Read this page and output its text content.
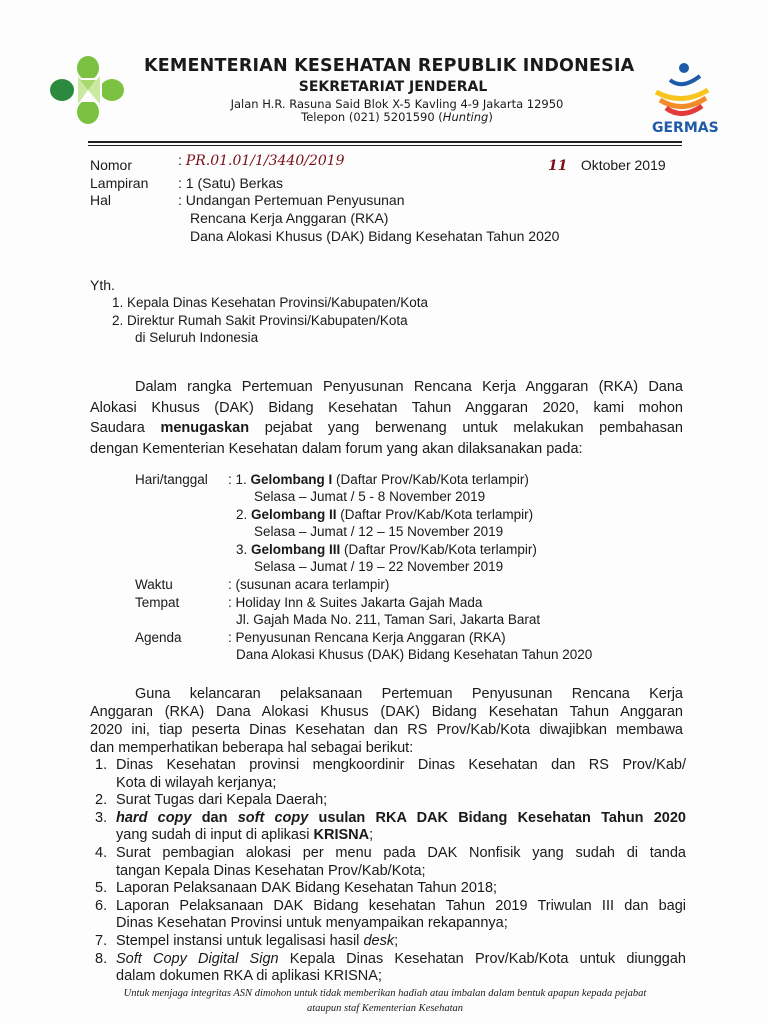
KEMENTERIAN KESEHATAN REPUBLIK INDONESIA
SEKRETARIAT JENDERAL
Jalan H.R. Rasuna Said Blok X-5 Kavling 4-9 Jakarta 12950
Telepon (021) 5201590 (Hunting)
GERMAS
Nomor	: PR.01.01/1/3440/2019	11 Oktober 2019
Lampiran : 1 (Satu) Berkas
Hal	: Undangan Pertemuan Penyusunan
Rencana Kerja Anggaran (RKA)
Dana Alokasi Khusus (DAK) Bidang Kesehatan Tahun 2020
Yth.
1. Kepala Dinas Kesehatan Provinsi/Kabupaten/Kota
2. Direktur Rumah Sakit Provinsi/Kabupaten/Kota
di Seluruh Indonesia
Dalam rangka Pertemuan Penyusunan Rencana Kerja Anggaran (RKA) Dana
Alokasi Khusus (DAK) Bidang Kesehatan Tahun Anggaran 2020, kami mohon
Saudara menugaskan pejabat yang berwenang untuk melakukan pembahasan
dengan Kementerian Kesehatan dalam forum yang akan dilaksanakan pada:
Hari/tanggal : 1. Gelombang I (Daftar Prov/Kab/Kota terlampir)
Selasa – Jumat / 5 - 8 November 2019
2. Gelombang II (Daftar Prov/Kab/Kota terlampir)
Selasa – Jumat / 12 – 15 November 2019
3. Gelombang III (Daftar Prov/Kab/Kota terlampir)
Selasa – Jumat / 19 – 22 November 2019
Waktu	: (susunan acara terlampir)
Tempat	: Holiday Inn & Suites Jakarta Gajah Mada
Jl. Gajah Mada No. 211, Taman Sari, Jakarta Barat
Agenda	: Penyusunan Rencana Kerja Anggaran (RKA)
Dana Alokasi Khusus (DAK) Bidang Kesehatan Tahun 2020
Guna kelancaran pelaksanaan Pertemuan Penyusunan Rencana Kerja
Anggaran (RKA) Dana Alokasi Khusus (DAK) Bidang Kesehatan Tahun Anggaran
2020 ini, tiap peserta Dinas Kesehatan dan RS Prov/Kab/Kota diwajibkan membawa
dan memperhatikan beberapa hal sebagai berikut:
1. Dinas Kesehatan provinsi mengkoordinir Dinas Kesehatan dan RS Prov/Kab/
Kota di wilayah kerjanya;
2. Surat Tugas dari Kepala Daerah;
3. hard copy dan soft copy usulan RKA DAK Bidang Kesehatan Tahun 2020
yang sudah di input di aplikasi KRISNA;
4. Surat pembagian alokasi per menu pada DAK Nonfisik yang sudah di tanda
tangan Kepala Dinas Kesehatan Prov/Kab/Kota;
5. Laporan Pelaksanaan DAK Bidang Kesehatan Tahun 2018;
6. Laporan Pelaksanaan DAK Bidang kesehatan Tahun 2019 Triwulan III dan bagi
Dinas Kesehatan Provinsi untuk menyampaikan rekapannya;
7. Stempel instansi untuk legalisasi hasil desk;
8. Soft Copy Digital Sign Kepala Dinas Kesehatan Prov/Kab/Kota untuk diunggah
dalam dokumen RKA di aplikasi KRISNA;
Untuk menjaga integritas ASN dimohon untuk tidak memberikan hadiah atau imbalan dalam bentuk apapun kepada pejabat
ataupun staf Kementerian Kesehatan
